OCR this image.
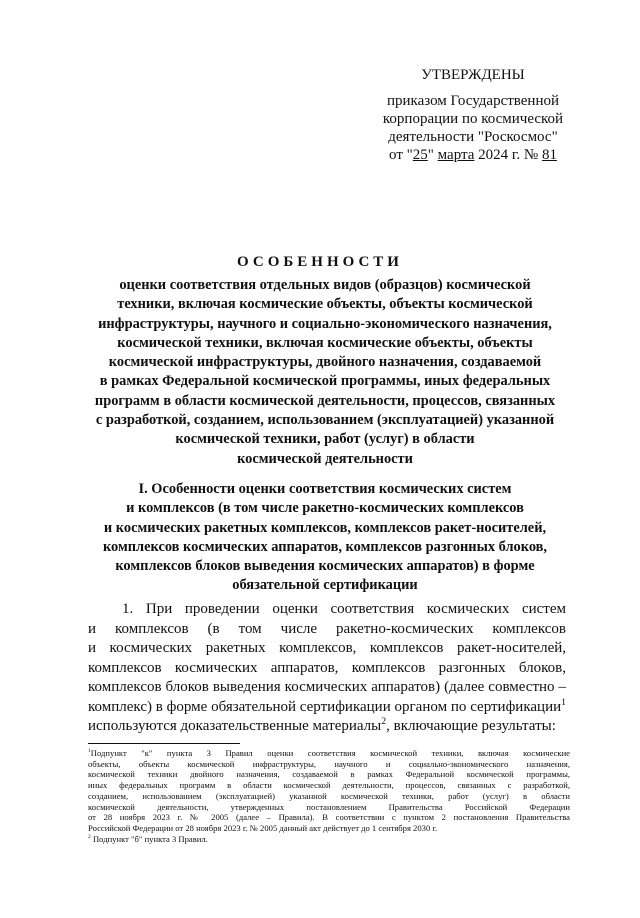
УТВЕРЖДЕНЫ
приказом Государственной
корпорации по космической
деятельности "Роскосмос"
от "25" марта 2024 г. № 81
ОСОБЕННОСТИ
оценки соответствия отдельных видов (образцов) космической
техники, включая космические объекты, объекты космической
инфраструктуры, научного и социально-экономического назначения,
космической техники, включая космические объекты, объекты
космической инфраструктуры, двойного назначения, создаваемой
в рамках Федеральной космической программы, иных федеральных
программ в области космической деятельности, процессов, связанных
с разработкой, созданием, использованием (эксплуатацией) указанной
космической техники, работ (услуг) в области
космической деятельности
I. Особенности оценки соответствия космических систем
и комплексов (в том числе ракетно-космических комплексов
и космических ракетных комплексов, комплексов ракет-носителей,
комплексов космических аппаратов, комплексов разгонных блоков,
комплексов блоков выведения космических аппаратов) в форме
обязательной сертификации
1. При проведении оценки соответствия космических систем
и комплексов (в том числе ракетно-космических комплексов
и космических ракетных комплексов, комплексов ракет-носителей,
комплексов космических аппаратов, комплексов разгонных блоков,
комплексов блоков выведения космических аппаратов) (далее совместно –
комплекс) в форме обязательной сертификации органом по сертификации$^1$
используются доказательственные материалы$^2$, включающие результаты:
$^1$Подпункт "к" пункта 3 Правил оценки соответствия космической техники, включая космические
объекты, объекты космической инфраструктуры, научного и социально-экономического назначения,
космической техники двойного назначения, создаваемой в рамках Федеральной космической программы,
иных федеральных программ в области космической деятельности, процессов, связанных с разработкой,
созданием, использованием (эксплуатацией) указанной космической техники, работ (услуг) в области
космической деятельности, утвержденных постановлением Правительства Российской Федерации
от 28 ноября 2023 г. № 2005 (далее – Правила). В соответствии с пунктом 2 постановления Правительства
Российской Федерации от 28 ноября 2023 г. № 2005 данный акт действует до 1 сентября 2030 г.
$^2$ Подпункт "б" пункта 3 Правил.
